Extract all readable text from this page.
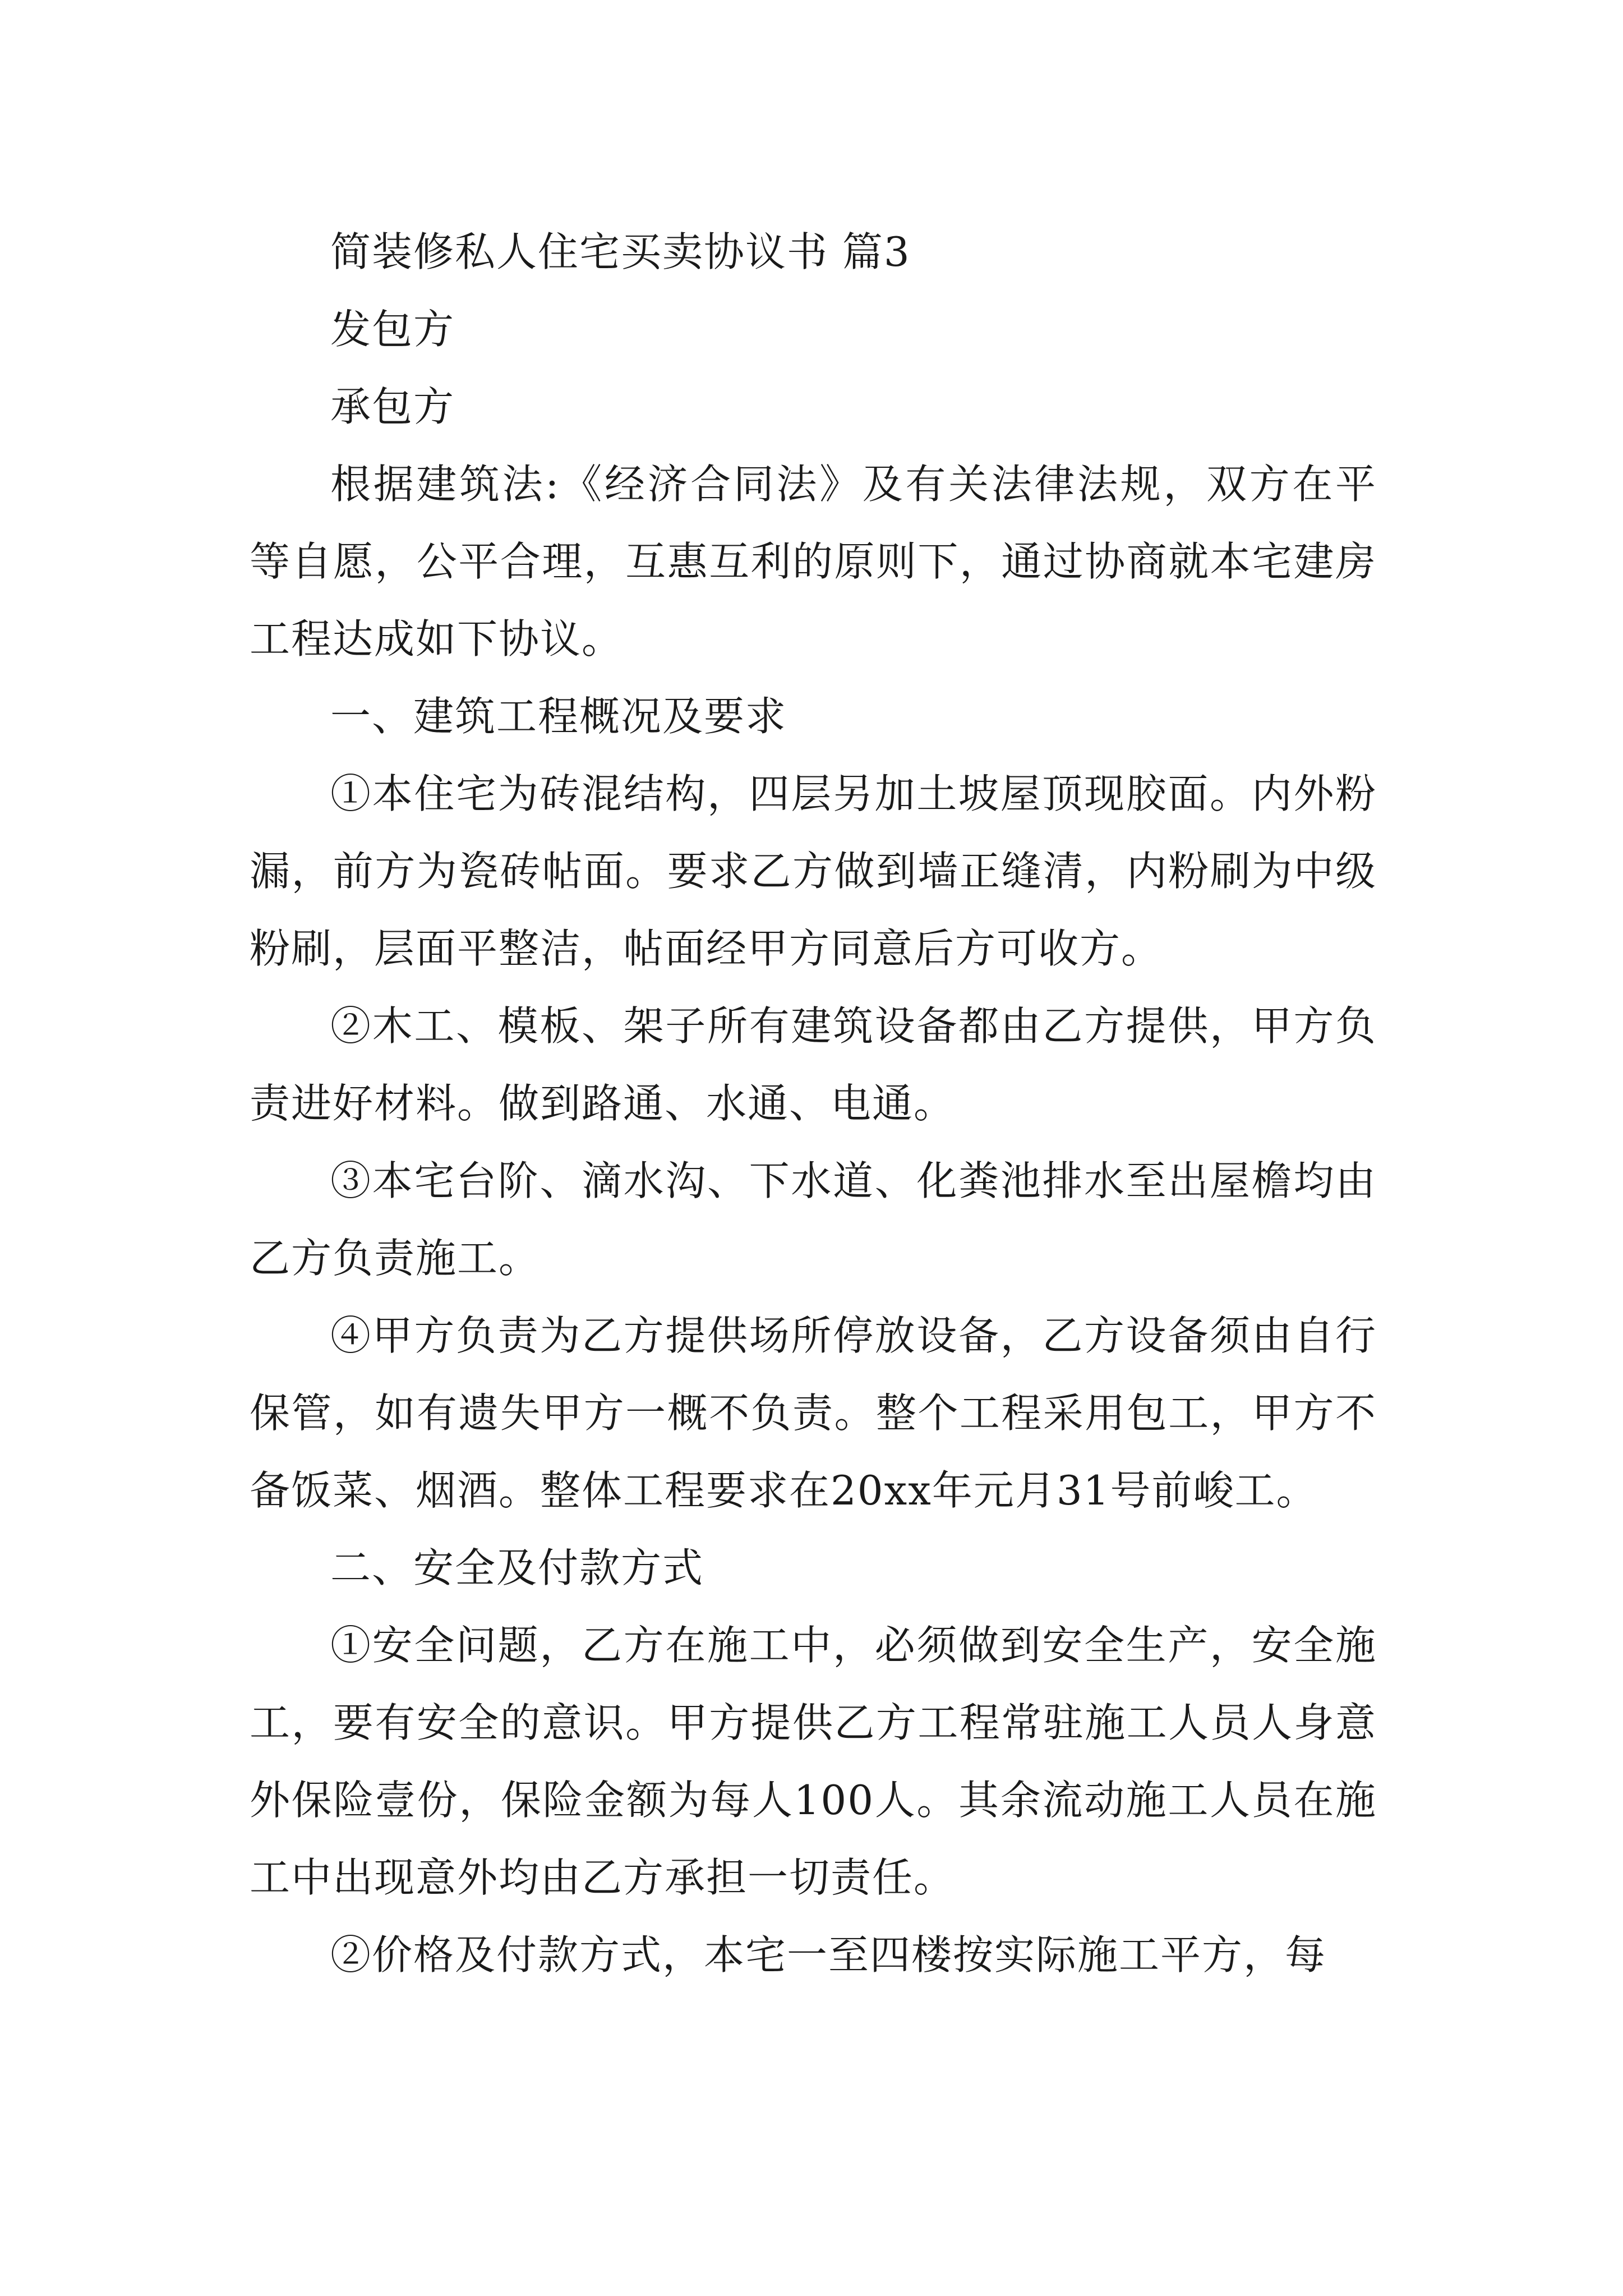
简装修私人住宅买卖协议书 篇3

发包方

承包方

根据建筑法:《经济合同法》及有关法律法规，双方在平等自愿，公平合理，互惠互利的原则下，通过协商就本宅建房工程达成如下协议。

一、建筑工程概况及要求

①本住宅为砖混结构，四层另加土坡屋顶现胶面。内外粉漏，前方为瓷砖帖面。要求乙方做到墙正缝清，内粉刷为中级粉刷，层面平整洁，帖面经甲方同意后方可收方。

②木工、模板、架子所有建筑设备都由乙方提供，甲方负责进好材料。做到路通、水通、电通。

③本宅台阶、滴水沟、下水道、化粪池排水至出屋檐均由乙方负责施工。

④甲方负责为乙方提供场所停放设备，乙方设备须由自行保管，如有遗失甲方一概不负责。整个工程采用包工，甲方不备饭菜、烟酒。整体工程要求在20xx年元月31号前峻工。

二、安全及付款方式

①安全问题，乙方在施工中，必须做到安全生产，安全施工，要有安全的意识。甲方提供乙方工程常驻施工人员人身意外保险壹份，保险金额为每人100人。其余流动施工人员在施工中出现意外均由乙方承担一切责任。

②价格及付款方式，本宅一至四楼按实际施工平方，每
